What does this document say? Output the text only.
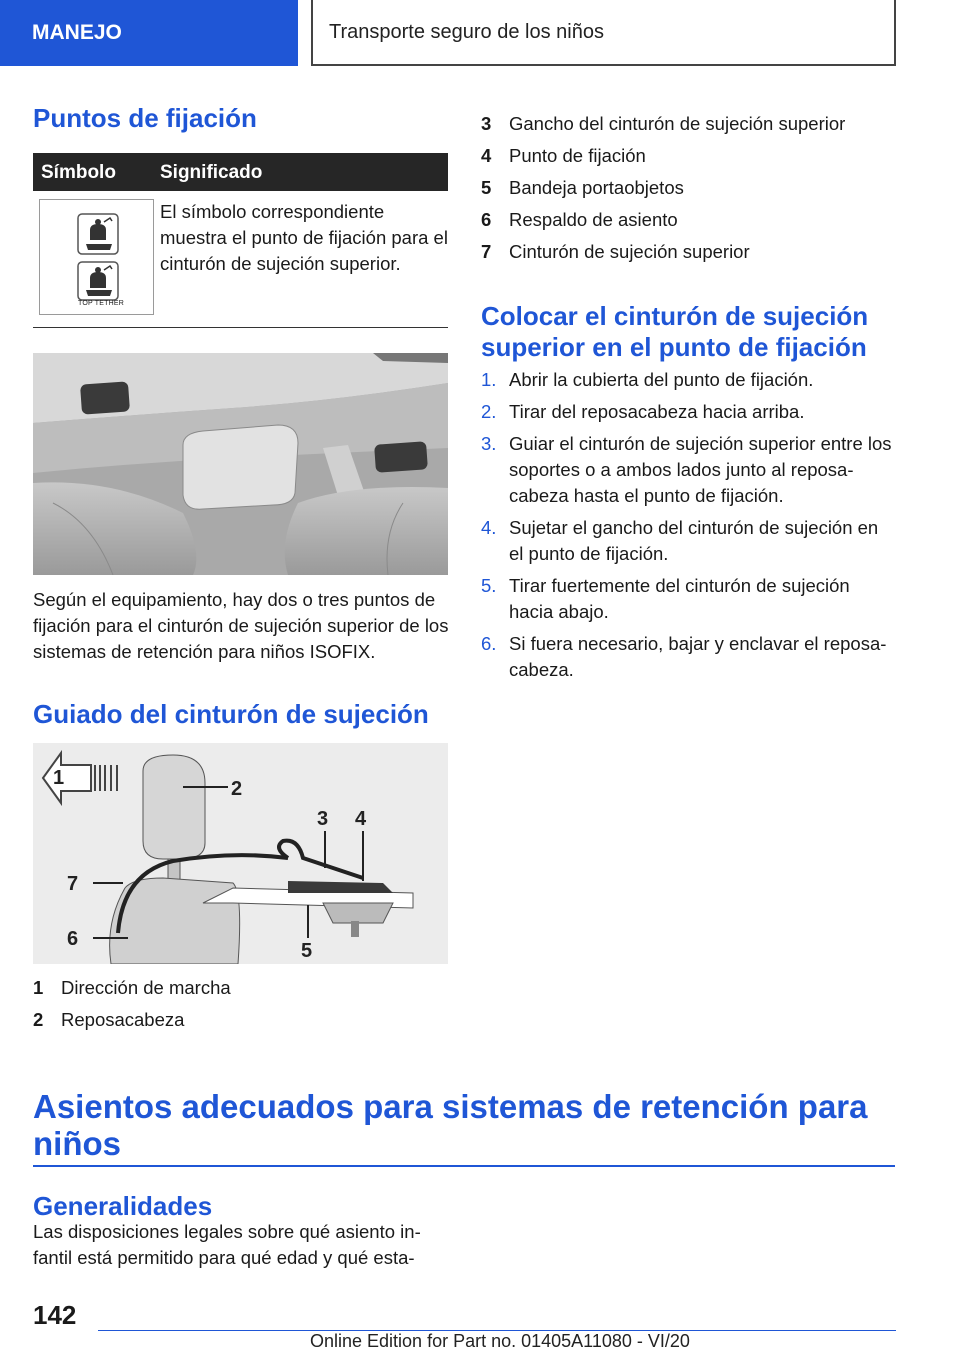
MANEJO	Transporte seguro de los niños
Puntos de fijación
Símbolo Significado
TOP TETHER
El símbolo correspondiente muestra el punto de fijación para el cinturón de sujeción superior.

Según el equipamiento, hay dos o tres puntos de fijación para el cinturón de sujeción superior de los sistemas de retención para niños ISOFIX.

Guiado del cinturón de sujeción
1	2
3 4
5
6
7
1 Dirección de marcha
2 Reposacabeza
3 Gancho del cinturón de sujeción superior
4 Punto de fijación
5 Bandeja portaobjetos
6 Respaldo de asiento
7 Cinturón de sujeción superior
Colocar el cinturón de sujeción superior en el punto de fijación
1. Abrir la cubierta del punto de fijación.
2. Tirar del reposacabeza hacia arriba.
3. Guiar el cinturón de sujeción superior entre los soportes o a ambos lados junto al reposacabeza hasta el punto de fijación.
4. Sujetar el gancho del cinturón de sujeción en el punto de fijación.
5. Tirar fuertemente del cinturón de sujeción hacia abajo.
6. Si fuera necesario, bajar y enclavar el reposacabeza.
Asientos adecuados para sistemas de retención para niños
Generalidades

Las disposiciones legales sobre qué asiento infantil está permitido para qué edad y qué esta-

142
Online Edition for Part no. 01405A11080 - VI/20
